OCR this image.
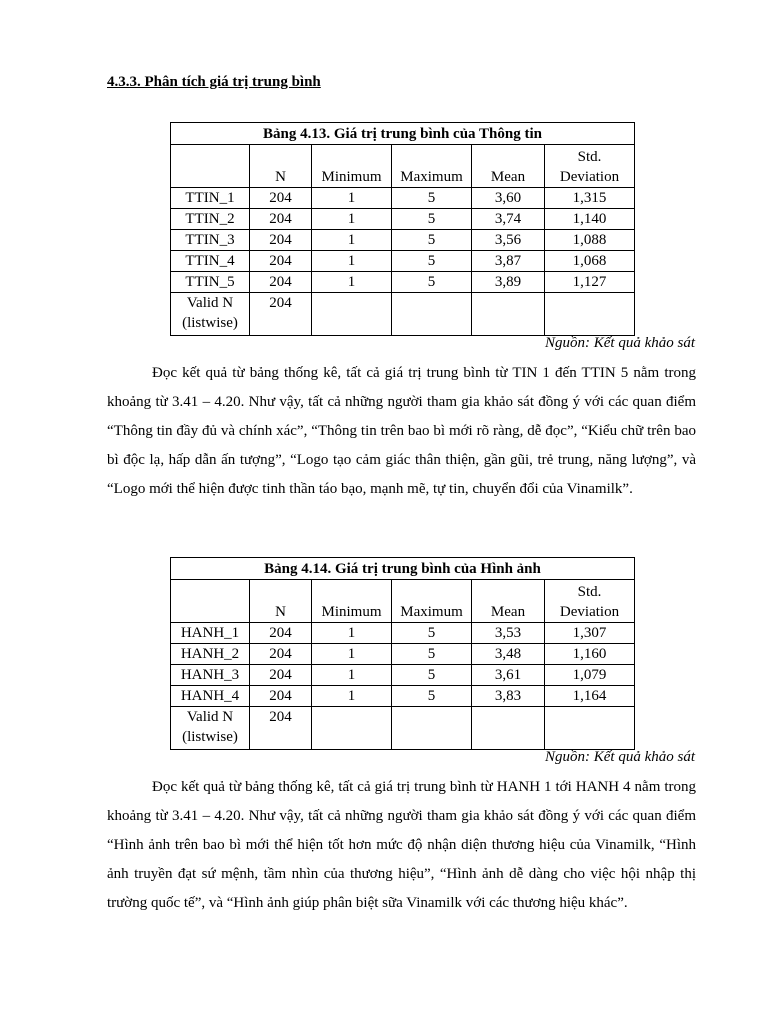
4.3.3. Phân tích giá trị trung bình
Bảng 4.13. Giá trị trung bình của Thông tin					
	N	Minimum	Maximum	Mean	Std.
Deviation
TTIN_1	204	1	5	3,60	1,315
TTIN_2	204	1	5	3,74	1,140
TTIN_3	204	1	5	3,56	1,088
TTIN_4	204	1	5	3,87	1,068
TTIN_5	204	1	5	3,89	1,127
Valid N
(listwise)	204				
Nguồn: Kết quả khảo sát

Đọc kết quả từ bảng thống kê, tất cả giá trị trung bình từ TIN 1 đến TTIN 5 nằm trong khoảng từ 3.41 – 4.20. Như vậy, tất cả những người tham gia khảo sát đồng ý với các quan điểm “Thông tin đầy đủ và chính xác”, “Thông tin trên bao bì mới rõ ràng, dễ đọc”, “Kiểu chữ trên bao bì độc lạ, hấp dẫn ấn tượng”, “Logo tạo cảm giác thân thiện, gần gũi, trẻ trung, năng lượng”, và “Logo mới thể hiện được tinh thần táo bạo, mạnh mẽ, tự tin, chuyển đổi của Vinamilk”.

Bảng 4.14. Giá trị trung bình của Hình ảnh					
	N	Minimum	Maximum	Mean	Std.
Deviation
HANH_1	204	1	5	3,53	1,307
HANH_2	204	1	5	3,48	1,160
HANH_3	204	1	5	3,61	1,079
HANH_4	204	1	5	3,83	1,164
Valid N
(listwise)	204				
Nguồn: Kết quả khảo sát

Đọc kết quả từ bảng thống kê, tất cả giá trị trung bình từ HANH 1 tới HANH 4 nằm trong khoảng từ 3.41 – 4.20. Như vậy, tất cả những người tham gia khảo sát đồng ý với các quan điểm “Hình ảnh trên bao bì mới thể hiện tốt hơn mức độ nhận diện thương hiệu của Vinamilk, “Hình ảnh truyền đạt sứ mệnh, tầm nhìn của thương hiệu”, “Hình ảnh dễ dàng cho việc hội nhập thị trường quốc tế”, và “Hình ảnh giúp phân biệt sữa Vinamilk với các thương hiệu khác”.
